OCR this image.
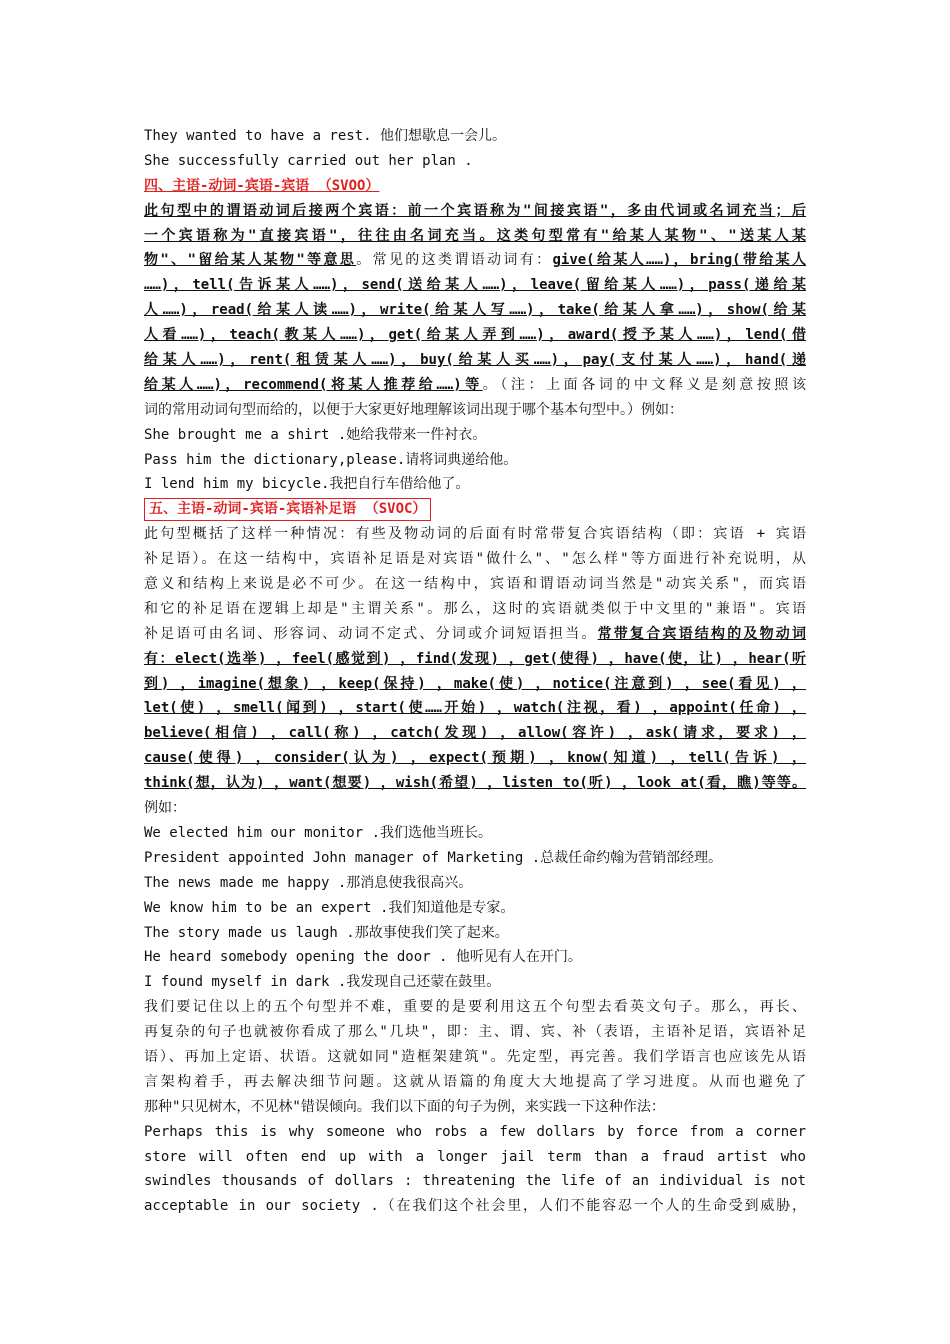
They wanted to have a rest. 他们想歇息一会儿。
She successfully carried out her plan .
四、主语-动词-宾语-宾语 （SVOO）
此句型中的谓语动词后接两个宾语：前一个宾语称为"间接宾语"，多由代词或名词充当；后
一个宾语称为"直接宾语"，往往由名词充当。这类句型常有"给某人某物"、"送某人某
物"、"留给某人某物"等意思。常见的这类谓语动词有：give(给某人……)，bring(带给某人
……)，tell(告诉某人……)，send(送给某人……)，leave(留给某人……)，pass(递给某
人……)，read(给某人读……)，write(给某人写……)，take(给某人拿……)，show(给某
人看……)，teach(教某人……)，get(给某人弄到……)，award(授予某人……)，lend(借
给某人……)，rent(租赁某人……)，buy(给某人买……)，pay(支付某人……)，hand(递
给某人……)，recommend(将某人推荐给……)等。（注：上面各词的中文释义是刻意按照该
词的常用动词句型而给的，以便于大家更好地理解该词出现于哪个基本句型中。）例如：
She brought me a shirt .她给我带来一件衬衣。
Pass him the dictionary,please.请将词典递给他。
I lend him my bicycle.我把自行车借给他了。
五、主语-动词-宾语-宾语补足语 （SVOC）
此句型概括了这样一种情况：有些及物动词的后面有时常带复合宾语结构（即：宾语 + 宾语
补足语）。在这一结构中，宾语补足语是对宾语"做什么"、"怎么样"等方面进行补充说明，从
意义和结构上来说是必不可少。在这一结构中，宾语和谓语动词当然是"动宾关系"，而宾语
和它的补足语在逻辑上却是"主谓关系"。那么，这时的宾语就类似于中文里的"兼语"。宾语
补足语可由名词、形容词、动词不定式、分词或介词短语担当。常带复合宾语结构的及物动词
有：elect(选举) ，feel(感觉到) ，find(发现) ，get(使得) ，have(使，让) ，hear(听
到) ，imagine(想象) ，keep(保持) ，make(使) ，notice(注意到) ，see(看见) ，
let(使) ，smell(闻到) ，start(使……开始) ，watch(注视，看) ，appoint(任命) ，
believe(相信) ，call(称) ，catch(发现) ，allow(容许) ，ask(请求，要求) ，
cause(使得) ，consider(认为) ，expect(预期) ，know(知道) ，tell(告诉) ，
think(想，认为) ，want(想要) ，wish(希望) ，listen to(听) ，look at(看，瞧)等等。
例如：
We elected him our monitor .我们选他当班长。
President appointed John manager of Marketing .总裁任命约翰为营销部经理。
The news made me happy .那消息使我很高兴。
We know him to be an expert .我们知道他是专家。
The story made us laugh .那故事使我们笑了起来。
He heard somebody opening the door . 他听见有人在开门。
I found myself in dark .我发现自己还蒙在鼓里。
我们要记住以上的五个句型并不难，重要的是要利用这五个句型去看英文句子。那么，再长、
再复杂的句子也就被你看成了那么"几块"，即：主、谓、宾、补（表语，主语补足语，宾语补足
语）、再加上定语、状语。这就如同"造框架建筑"。先定型，再完善。我们学语言也应该先从语
言架构着手，再去解决细节问题。这就从语篇的角度大大地提高了学习进度。从而也避免了
那种"只见树木，不见林"错误倾向。我们以下面的句子为例，来实践一下这种作法：
Perhaps this is why someone who robs a few dollars by force from a corner
store will often end up with a longer jail term than a fraud artist who
swindles thousands of dollars : threatening the life of an individual is not
acceptable in our society .（在我们这个社会里，人们不能容忍一个人的生命受到威胁，
